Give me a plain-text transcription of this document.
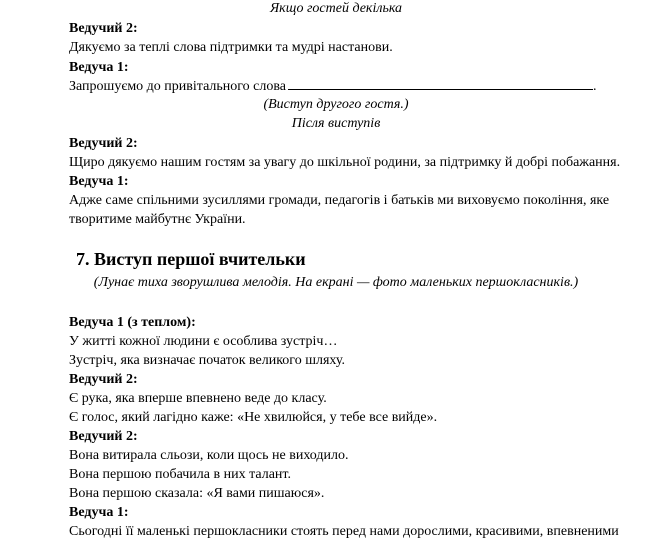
Якщо гостей декілька
Ведучий 2:
Дякуємо за теплі слова підтримки та мудрі настанови.
Ведуча 1:
Запрошуємо до привітального слова	.
(Виступ другого гостя.)
Після виступів
Ведучий 2:
Щиро дякуємо нашим гостям за увагу до шкільної родини, за підтримку й добрі побажання.
Ведуча 1:
Адже саме спільними зусиллями громади, педагогів і батьків ми виховуємо покоління, яке
творитиме майбутнє України.
7. Виступ першої вчительки
(Лунає тиха зворушлива мелодія. На екрані — фото маленьких першокласників.)
Ведуча 1 (з теплом):
У житті кожної людини є особлива зустріч…
Зустріч, яка визначає початок великого шляху.
Ведучий 2:
Є рука, яка вперше впевнено веде до класу.
Є голос, який лагідно каже: «Не хвилюйся, у тебе все вийде».
Ведучий 2:
Вона витирала сльози, коли щось не виходило.
Вона першою побачила в них талант.
Вона першою сказала: «Я вами пишаюся».
Ведуча 1:
Сьогодні її маленькі першокласники стоять перед нами дорослими, красивими, впевненими
